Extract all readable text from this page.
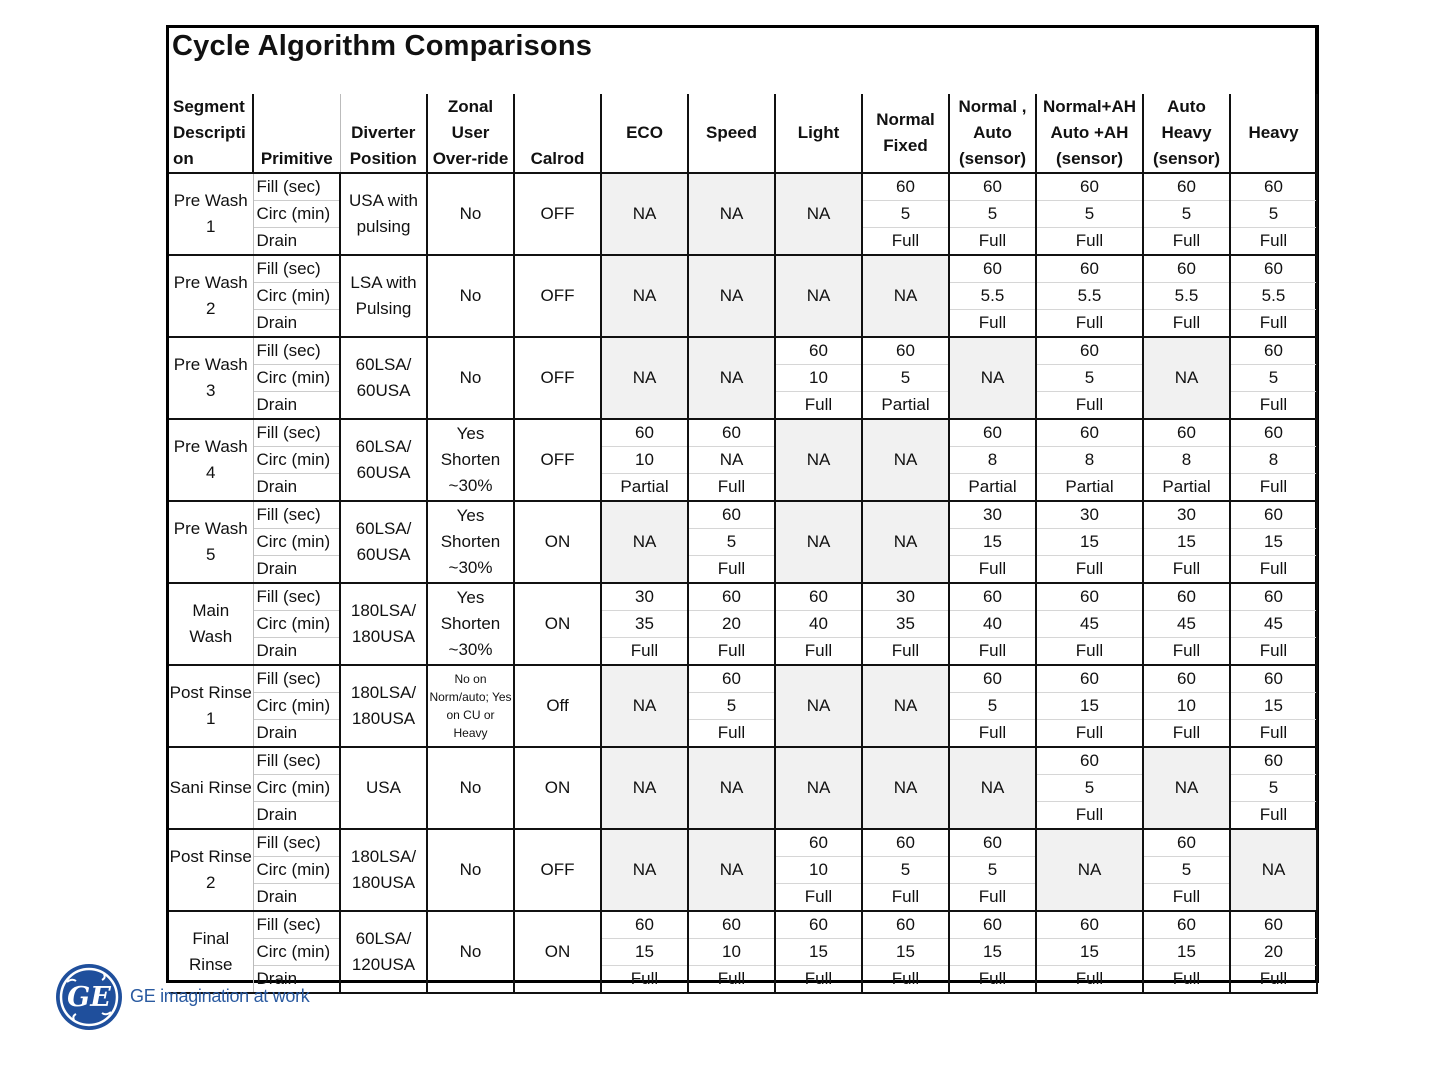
Cycle Algorithm Comparisons
Segment Descripti on	Primitive	Diverter Position	Zonal User Over-ride	Calrod	ECO	Speed	Light	Normal Fixed	Normal , Auto (sensor)	Normal+AH Auto +AH (sensor)	Auto Heavy (sensor)	Heavy
Pre Wash 1	Fill (sec)	USA with pulsing	No	OFF	NA	NA	NA	60	60	60	60	60
	Circ (min)							5	5	5	5	5
	Drain							Full	Full	Full	Full	Full
Pre Wash 2	Fill (sec)	LSA with Pulsing	No	OFF	NA	NA	NA	NA	60	60	60	60
	Circ (min)								5.5	5.5	5.5	5.5
	Drain								Full	Full	Full	Full
Pre Wash 3	Fill (sec)	60LSA/ 60USA	No	OFF	NA	NA	60	60	NA	60	NA	60
	Circ (min)						10	5		5		5
	Drain						Full	Partial		Full		Full
Pre Wash 4	Fill (sec)	60LSA/ 60USA	Yes Shorten ~30%	OFF	60	60	NA	NA	60	60	60	60
	Circ (min)				10	NA			8	8	8	8
	Drain				Partial	Full			Partial	Partial	Partial	Full
Pre Wash 5	Fill (sec)	60LSA/ 60USA	Yes Shorten ~30%	ON	NA	60	NA	NA	30	30	30	60
	Circ (min)					5			15	15	15	15
	Drain					Full			Full	Full	Full	Full
Main Wash	Fill (sec)	180LSA/ 180USA	Yes Shorten ~30%	ON	30	60	60	30	60	60	60	60
	Circ (min)				35	20	40	35	40	45	45	45
	Drain				Full	Full	Full	Full	Full	Full	Full	Full
Post Rinse 1	Fill (sec)	180LSA/ 180USA	No on Norm/auto; Yes on CU or Heavy	Off	NA	60	NA	NA	60	60	60	60
	Circ (min)					5			5	15	10	15
	Drain					Full			Full	Full	Full	Full
Sani Rinse	Fill (sec)	USA	No	ON	NA	NA	NA	NA	NA	60	NA	60
	Circ (min)									5		5
	Drain									Full		Full
Post Rinse 2	Fill (sec)	180LSA/ 180USA	No	OFF	NA	NA	60	60	60	NA	60	NA
	Circ (min)						10	5	5		5	
	Drain						Full	Full	Full		Full	
Final Rinse	Fill (sec)	60LSA/ 120USA	No	ON	60	60	60	60	60	60	60	60
	Circ (min)				15	10	15	15	15	15	15	20
	Drain				Full	Full	Full	Full	Full	Full	Full	Full
GE GE imagination at work
